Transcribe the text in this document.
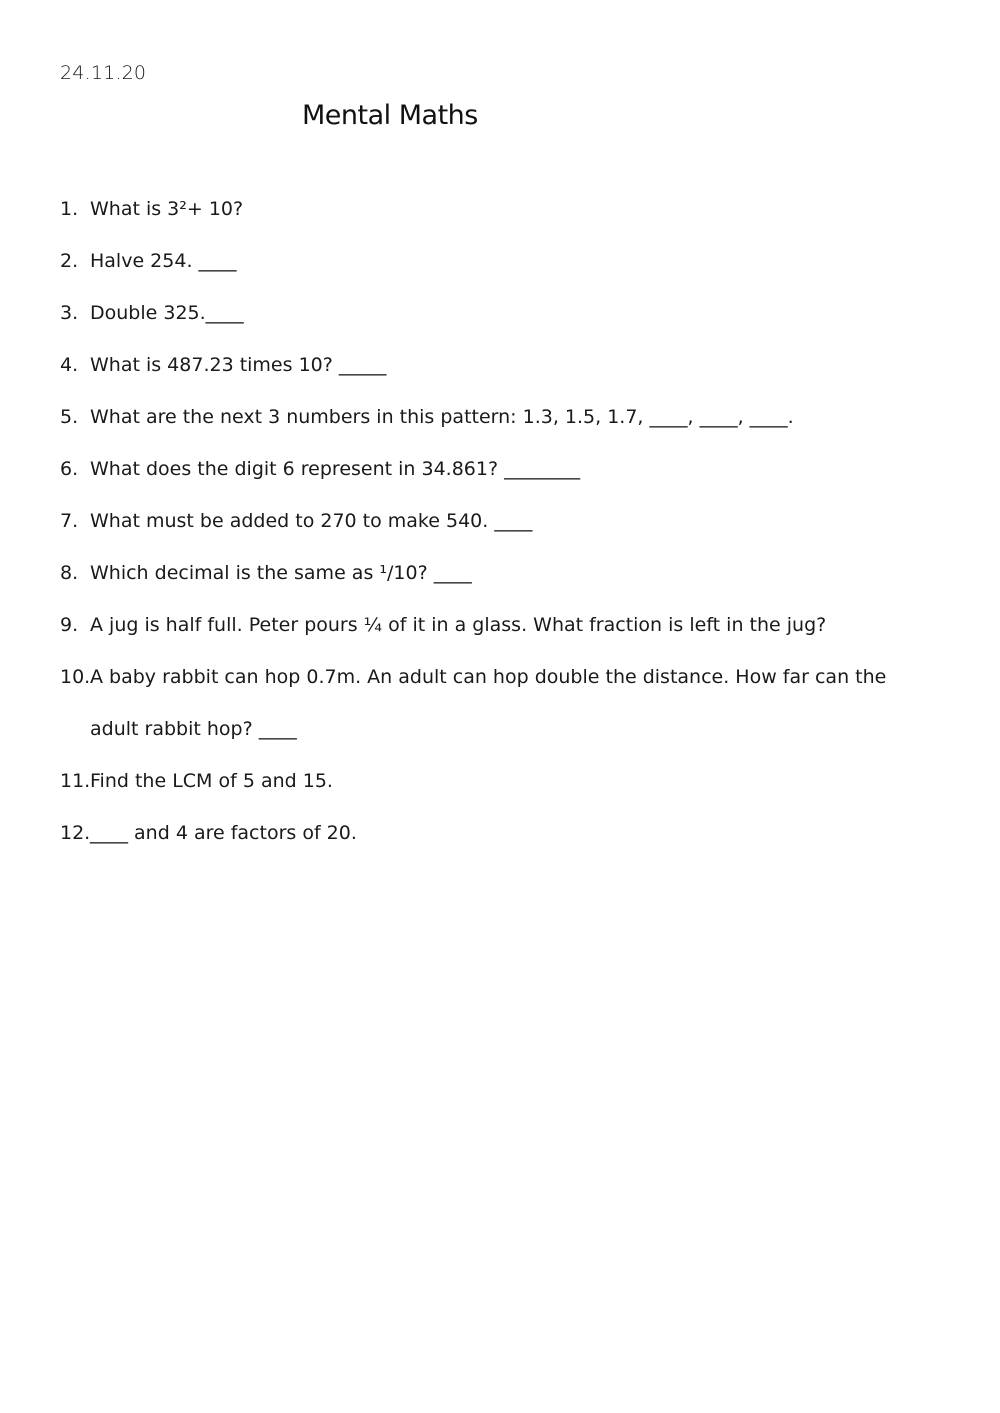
24.11.20
Mental Maths
1. What is 3²+ 10?
2. Halve 254. ____
3. Double 325.____
4. What is 487.23 times 10? _____
5. What are the next 3 numbers in this pattern: 1.3, 1.5, 1.7, ____, ____, ____.
6. What does the digit 6 represent in 34.861? ________
7. What must be added to 270 to make 540. ____
8. Which decimal is the same as ¹/10? ____
9. A jug is half full. Peter pours ¼ of it in a glass. What fraction is left in the jug?
10. A baby rabbit can hop 0.7m. An adult can hop double the distance. How far can the
adult rabbit hop? ____
11. Find the LCM of 5 and 15.
12. ____ and 4 are factors of 20.
